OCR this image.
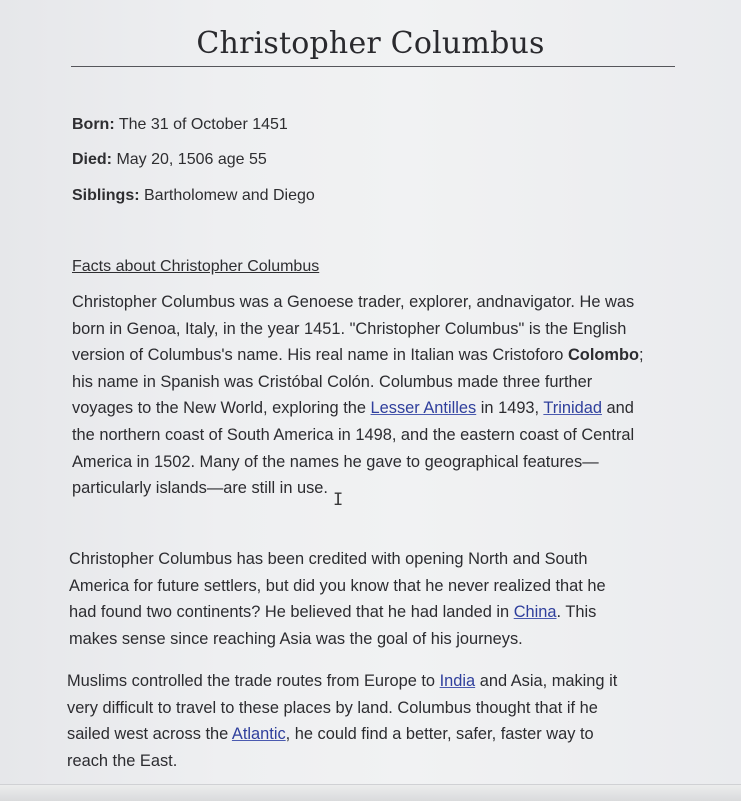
Christopher Columbus
Born: The 31 of October 1451
Died: May 20, 1506 age 55
Siblings: Bartholomew and Diego
Facts about Christopher Columbus
Christopher Columbus was a Genoese trader, explorer, andnavigator. He was
born in Genoa, Italy, in the year 1451. "Christopher Columbus" is the English
version of Columbus's name. His real name in Italian was Cristoforo Colombo;
his name in Spanish was Cristóbal Colón. Columbus made three further
voyages to the New World, exploring the Lesser Antilles in 1493, Trinidad and
the northern coast of South America in 1498, and the eastern coast of Central
America in 1502. Many of the names he gave to geographical features—
particularly islands—are still in use.
I
Christopher Columbus has been credited with opening North and South
America for future settlers, but did you know that he never realized that he
had found two continents? He believed that he had landed in China. This
makes sense since reaching Asia was the goal of his journeys.
Muslims controlled the trade routes from Europe to India and Asia, making it
very difficult to travel to these places by land. Columbus thought that if he
sailed west across the Atlantic, he could find a better, safer, faster way to
reach the East.
